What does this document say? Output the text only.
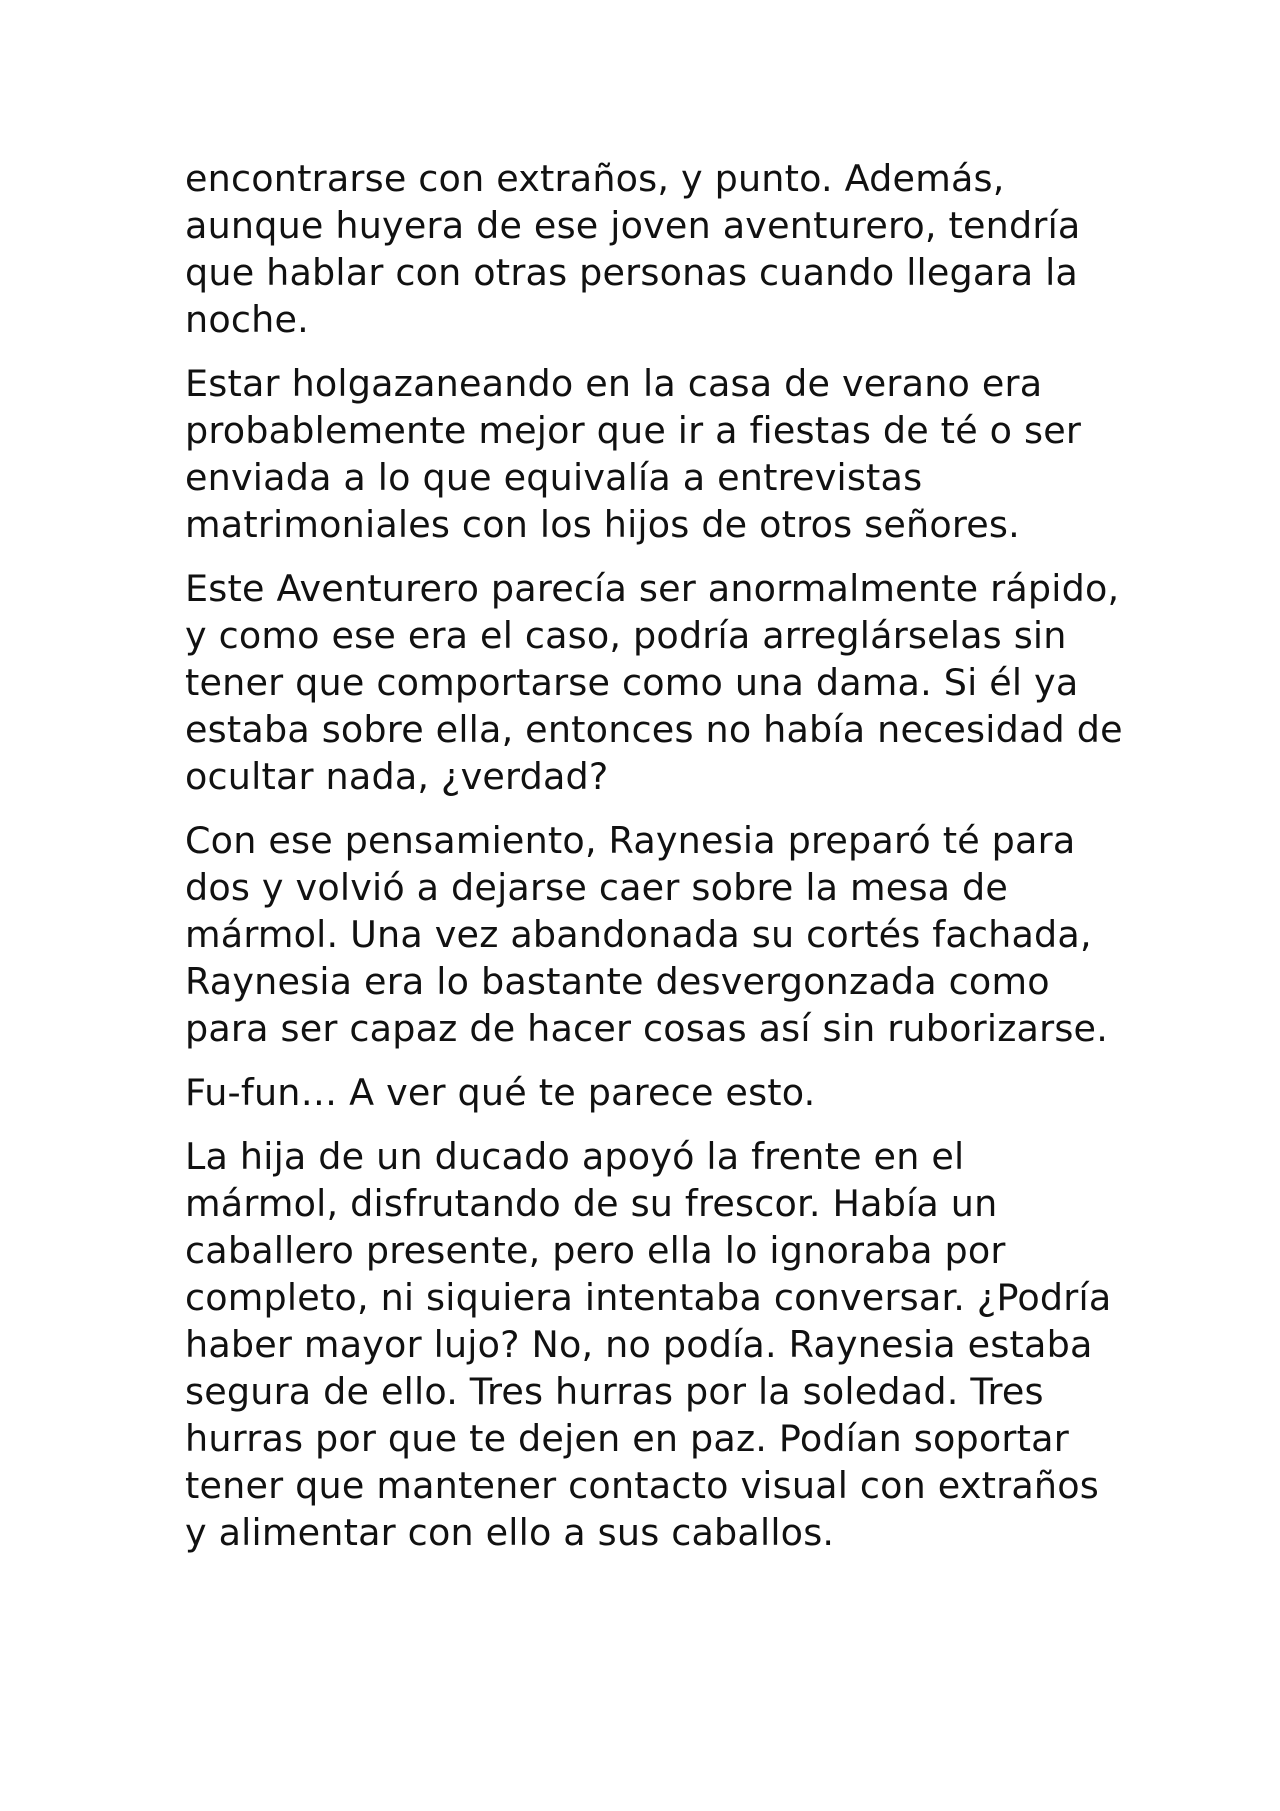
encontrarse con extraños, y punto. Además, aunque huyera de ese joven aventurero, tendría que hablar con otras personas cuando llegara la noche.

Estar holgazaneando en la casa de verano era probablemente mejor que ir a fiestas de té o ser enviada a lo que equivalía a entrevistas matrimoniales con los hijos de otros señores.

Este Aventurero parecía ser anormalmente rápido, y como ese era el caso, podría arreglárselas sin tener que comportarse como una dama. Si él ya estaba sobre ella, entonces no había necesidad de ocultar nada, ¿verdad?

Con ese pensamiento, Raynesia preparó té para dos y volvió a dejarse caer sobre la mesa de mármol. Una vez abandonada su cortés fachada, Raynesia era lo bastante desvergonzada como para ser capaz de hacer cosas así sin ruborizarse.

Fu-fun… A ver qué te parece esto.

La hija de un ducado apoyó la frente en el mármol, disfrutando de su frescor. Había un caballero presente, pero ella lo ignoraba por completo, ni siquiera intentaba conversar. ¿Podría haber mayor lujo? No, no podía. Raynesia estaba segura de ello. Tres hurras por la soledad. Tres hurras por que te dejen en paz. Podían soportar tener que mantener contacto visual con extraños y alimentar con ello a sus caballos.
